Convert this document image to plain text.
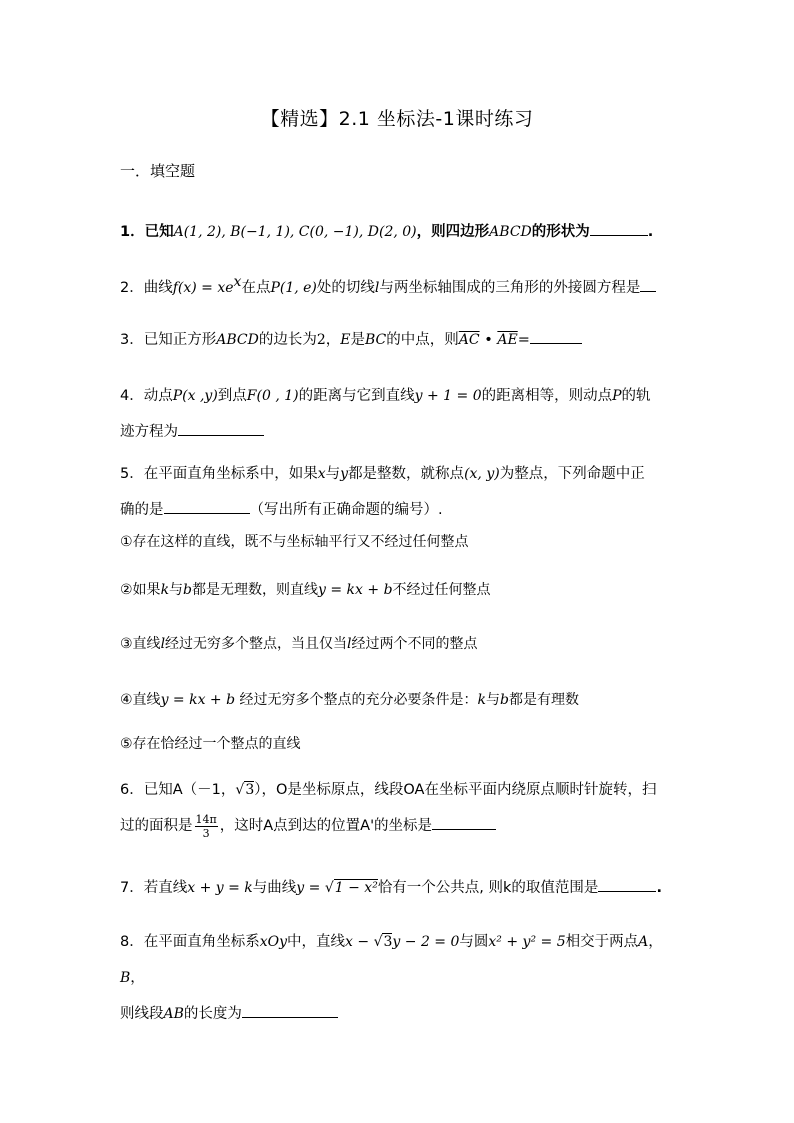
【精选】2.1 坐标法-1课时练习
一．填空题
1．已知A(1, 2), B(−1, 1), C(0, −1), D(2, 0)，则四边形ABCD的形状为	.
2．曲线$f(x) = xe^x$在点P(1, e)处的切线l与两坐标轴围成的三角形的外接圆方程是
3．已知正方形ABCD的边长为2，E是BC的中点，则$\overline{AC}$ • $\overline{AE}=$
4．动点P(x ,y)到点F(0 , 1)的距离与它到直线y + 1 = 0的距离相等，则动点P的轨
迹方程为
5．在平面直角坐标系中，如果x与y都是整数，就称点(x, y)为整点，下列命题中正
确的是	（写出所有正确命题的编号）.
①存在这样的直线，既不与坐标轴平行又不经过任何整点
②如果k与b都是无理数，则直线y = kx + b不经过任何整点
③直线l经过无穷多个整点，当且仅当l经过两个不同的整点
④直线y = kx + b 经过无穷多个整点的充分必要条件是：k与b都是有理数
⑤存在恰经过一个整点的直线
6．已知A（－1，√3），O是坐标原点，线段OA在坐标平面内绕原点顺时针旋转，扫
过的面积是 $\frac{14\pi}{3}$ ，这时A点到达的位置A'的坐标是
7．若直线x + y = k与曲线y = √1 − x²恰有一个公共点, 则k的取值范围是	.
8．在平面直角坐标系xOy中，直线x − √3y − 2 = 0与圆x² + y² = 5相交于两点A，B，
则线段AB的长度为
